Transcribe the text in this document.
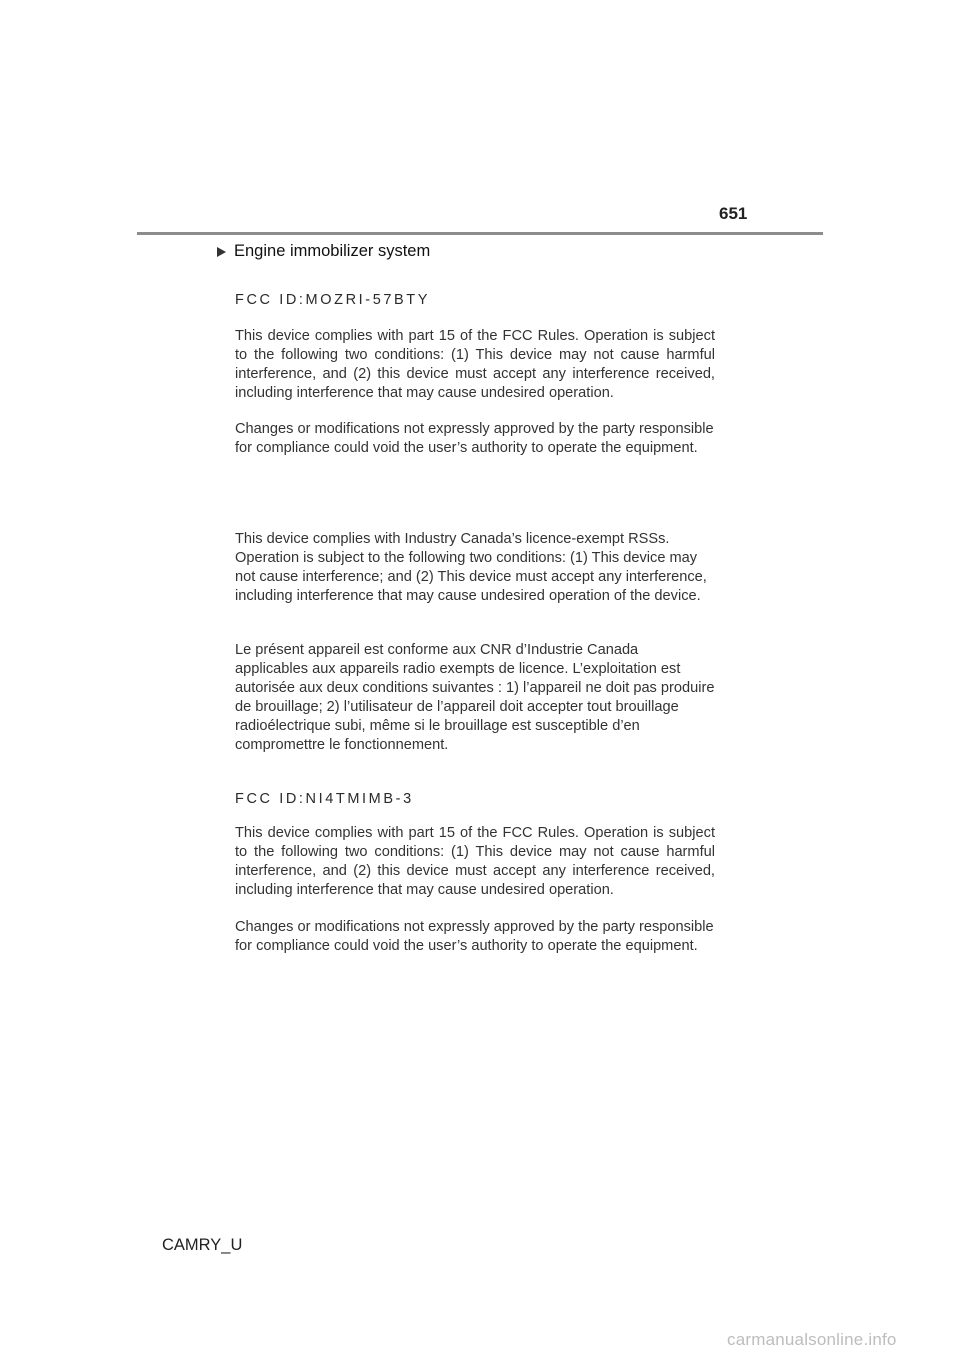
651
Engine immobilizer system

FCC ID:MOZRI-57BTY

This device complies with part 15 of the FCC Rules. Operation is subject to the following two conditions: (1) This device may not cause harmful interference, and (2) this device must accept any interference received, including interference that may cause undesired operation.

Changes or modifications not expressly approved by the party responsible for compliance could void the user’s authority to operate the equipment.

This device complies with Industry Canada’s licence-exempt RSSs. Operation is subject to the following two conditions: (1) This device may not cause interference; and (2) This device must accept any interference, including interference that may cause undesired operation of the device.

Le présent appareil est conforme aux CNR d’Industrie Canada applicables aux appareils radio exempts de licence. L’exploitation est autorisée aux deux conditions suivantes : 1) l’appareil ne doit pas produire de brouillage; 2) l’utilisateur de l’appareil doit accepter tout brouillage radioélectrique subi, même si le brouillage est susceptible d’en compromettre le fonctionnement.

FCC ID:NI4TMIMB-3

This device complies with part 15 of the FCC Rules. Operation is subject to the following two conditions: (1) This device may not cause harmful interference, and (2) this device must accept any interference received, including interference that may cause undesired operation.

Changes or modifications not expressly approved by the party responsible for compliance could void the user’s authority to operate the equipment.

CAMRY_U
carmanualsonline.info
